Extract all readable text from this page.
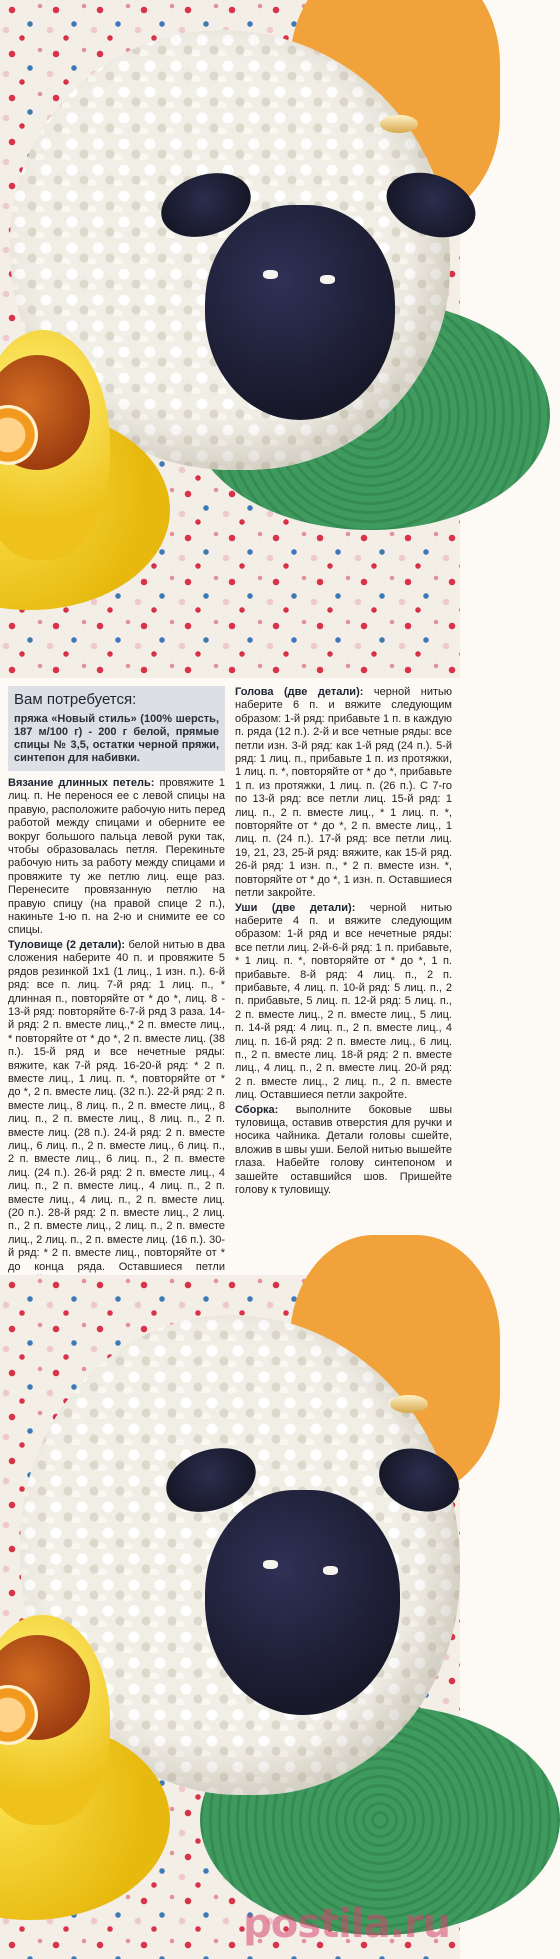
Вам потребуется:
пряжа «Новый стиль» (100% шерсть, 187 м/100 г) - 200 г белой, прямые спицы № 3,5, остатки черной пряжи, синтепон для набивки.

Вязание длинных петель: провяжите 1 лиц. п. Не перенося ее с левой спицы на правую, расположите рабочую нить перед работой между спицами и оберните ее вокруг большого пальца левой руки так, чтобы образовалась петля. Перекиньте рабочую нить за работу между спицами и провяжите ту же петлю лиц. еще раз. Перенесите провязанную петлю на правую спицу (на правой спице 2 п.), накиньте 1-ю п. на 2-ю и снимите ее со спицы.

Туловище (2 детали): белой нитью в два сложения наберите 40 п. и провяжите 5 рядов резинкой 1x1 (1 лиц., 1 изн. п.). 6-й ряд: все п. лиц. 7-й ряд: 1 лиц. п., * длинная п., повторяйте от * до *, лиц. 8 - 13-й ряд: повторяйте 6-7-й ряд 3 раза. 14-й ряд: 2 п. вместе лиц.,* 2 п. вместе лиц., * повторяйте от * до *, 2 п. вместе лиц. (38 п.). 15-й ряд и все нечетные ряды: вяжите, как 7-й ряд. 16-20-й ряд: * 2 п. вместе лиц., 1 лиц. п. *, повторяйте от * до *, 2 п. вместе лиц. (32 п.). 22-й ряд: 2 п. вместе лиц., 8 лиц. п., 2 п. вместе лиц., 8 лиц. п., 2 п. вместе лиц., 8 лиц. п., 2 п. вместе лиц. (28 п.). 24-й ряд: 2 п. вместе лиц., 6 лиц. п., 2 п. вместе лиц., 6 лиц. п., 2 п. вместе лиц., 6 лиц. п., 2 п. вместе лиц. (24 п.). 26-й ряд: 2 п. вместе лиц., 4 лиц. п., 2 п. вместе лиц., 4 лиц. п., 2 п. вместе лиц., 4 лиц. п., 2 п. вместе лиц. (20 п.). 28-й ряд: 2 п. вместе лиц., 2 лиц. п., 2 п. вместе лиц., 2 лиц. п., 2 п. вместе лиц., 2 лиц. п., 2 п. вместе лиц. (16 п.). 30-й ряд: * 2 п. вместе лиц., повторяйте от * до конца ряда. Оставшиеся петли

Голова (две детали): черной нитью наберите 6 п. и вяжите следующим образом: 1-й ряд: прибавьте 1 п. в каждую п. ряда (12 п.). 2-й и все четные ряды: все петли изн. 3-й ряд: как 1-й ряд (24 п.). 5-й ряд: 1 лиц. п., прибавьте 1 п. из протяжки, 1 лиц. п. *, повторяйте от * до *, прибавьте 1 п. из протяжки, 1 лиц. п. (26 п.). С 7-го по 13-й ряд: все петли лиц. 15-й ряд: 1 лиц. п., 2 п. вместе лиц., * 1 лиц. п. *, повторяйте от * до *, 2 п. вместе лиц., 1 лиц. п. (24 п.). 17-й ряд: все петли лиц. 19, 21, 23, 25-й ряд: вяжите, как 15-й ряд. 26-й ряд: 1 изн. п., * 2 п. вместе изн. *, повторяйте от * до *, 1 изн. п. Оставшиеся петли закройте.

Уши (две детали): черной нитью наберите 4 п. и вяжите следующим образом: 1-й ряд и все нечетные ряды: все петли лиц. 2-й-6-й ряд: 1 п. прибавьте, * 1 лиц. п. *, повторяйте от * до *, 1 п. прибавьте. 8-й ряд: 4 лиц. п., 2 п. прибавьте, 4 лиц. п. 10-й ряд: 5 лиц. п., 2 п. прибавьте, 5 лиц. п. 12-й ряд: 5 лиц. п., 2 п. вместе лиц., 2 п. вместе лиц., 5 лиц. п. 14-й ряд: 4 лиц. п., 2 п. вместе лиц., 4 лиц. п. 16-й ряд: 2 п. вместе лиц., 6 лиц. п., 2 п. вместе лиц. 18-й ряд: 2 п. вместе лиц., 4 лиц. п., 2 п. вместе лиц. 20-й ряд: 2 п. вместе лиц., 2 лиц. п., 2 п. вместе лиц. Оставшиеся петли закройте.

Сборка: выполните боковые швы туловища, оставив отверстия для ручки и носика чайника. Детали головы сшейте, вложив в швы уши. Белой нитью вышейте глаза. Набейте голову синтепоном и зашейте оставшийся шов. Пришейте голову к туловищу.

postila.ru
